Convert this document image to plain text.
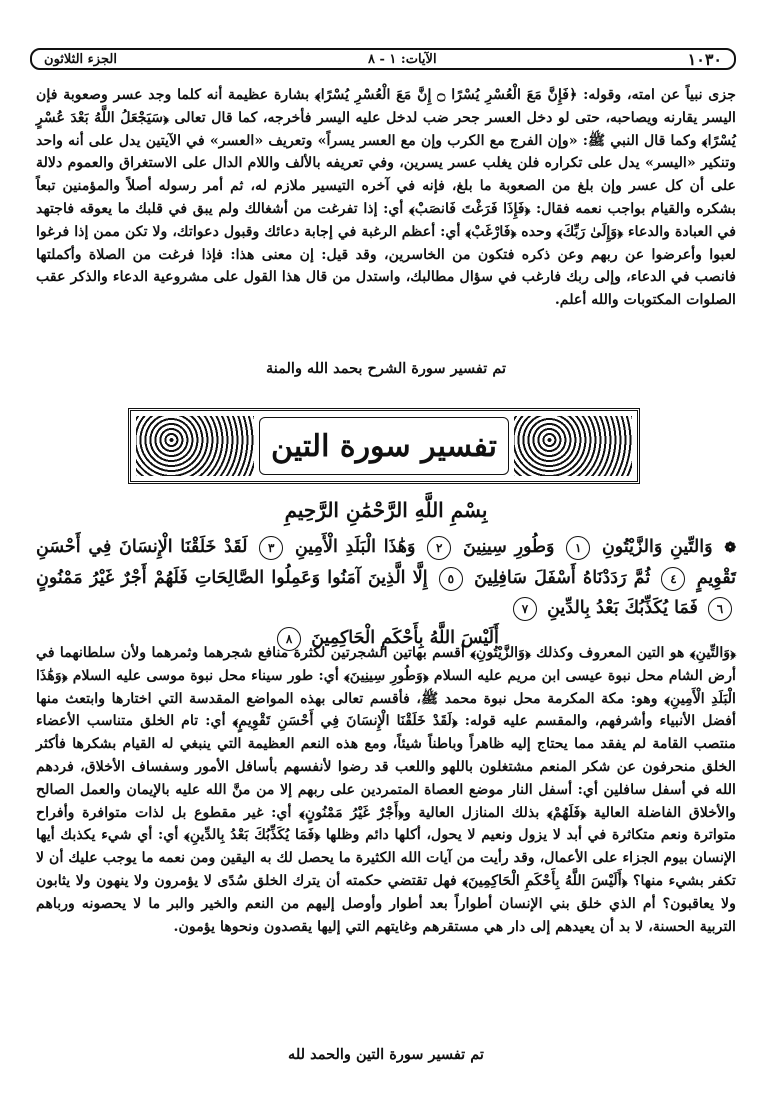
١٠٣٠
الآيات: ١ - ٨
الجزء الثلاثون

جزى نبياً عن امته، وقوله: ﴿فَإِنَّ مَعَ الْعُسْرِ يُسْرًا ۝ إِنَّ مَعَ الْعُسْرِ يُسْرًا﴾ بشارة عظيمة أنه كلما وجد عسر وصعوبة فإن اليسر يقارنه ويصاحبه، حتى لو دخل العسر جحر ضب لدخل عليه اليسر فأخرجه، كما قال تعالى ﴿سَيَجْعَلُ اللَّهُ بَعْدَ عُسْرٍ يُسْرًا﴾ وكما قال النبي ﷺ: «وإن الفرج مع الكرب وإن مع العسر يسراً» وتعريف «العسر» في الآيتين يدل على أنه واحد وتنكير «اليسر» يدل على تكراره فلن يغلب عسر يسرين، وفي تعريفه بالألف واللام الدال على الاستغراق والعموم دلالة على أن كل عسر وإن بلغ من الصعوبة ما بلغ، فإنه في آخره التيسير ملازم له، ثم أمر رسوله أصلاً والمؤمنين تبعاً بشكره والقيام بواجب نعمه فقال: ﴿فَإِذَا فَرَغْتَ فَانصَبْ﴾ أي: إذا تفرغت من أشغالك ولم يبق في قلبك ما يعوقه فاجتهد في العبادة والدعاء ﴿وَإِلَىٰ رَبِّكَ﴾ وحده ﴿فَارْغَبْ﴾ أي: أعظم الرغبة في إجابة دعائك وقبول دعواتك، ولا تكن ممن إذا فرغوا لعبوا وأعرضوا عن ربهم وعن ذكره فتكون من الخاسرين، وقد قيل: إن معنى هذا: فإذا فرغت من الصلاة وأكملتها فانصب في الدعاء، وإلى ربك فارغب في سؤال مطالبك، واستدل من قال هذا القول على مشروعية الدعاء والذكر عقب الصلوات المكتوبات والله أعلم.

تم تفسير سورة الشرح بحمد الله والمنة
تفسير سورة التين
بِسْمِ اللَّهِ الرَّحْمَٰنِ الرَّحِيمِ
❁ وَالتِّينِ وَالزَّيْتُونِ ١ وَطُورِ سِينِينَ ٢ وَهَٰذَا الْبَلَدِ الْأَمِينِ ٣ لَقَدْ خَلَقْنَا الْإِنسَانَ فِي أَحْسَنِ تَقْوِيمٍ ٤ ثُمَّ رَدَدْنَاهُ أَسْفَلَ سَافِلِينَ ٥ إِلَّا الَّذِينَ آمَنُوا وَعَمِلُوا الصَّالِحَاتِ فَلَهُمْ أَجْرٌ غَيْرُ مَمْنُونٍ ٦ فَمَا يُكَذِّبُكَ بَعْدُ بِالدِّينِ ٧
أَلَيْسَ اللَّهُ بِأَحْكَمِ الْحَاكِمِينَ ٨

﴿وَالتِّينِ﴾ هو التين المعروف وكذلك ﴿وَالزَّيْتُونِ﴾ أقسم بهاتين الشجرتين لكثرة منافع شجرهما وثمرهما ولأن سلطانهما في أرض الشام محل نبوة عيسى ابن مريم عليه السلام ﴿وَطُورِ سِينِينَ﴾ أي: طور سيناء محل نبوة موسى عليه السلام ﴿وَهَٰذَا الْبَلَدِ الْأَمِينِ﴾ وهو: مكة المكرمة محل نبوة محمد ﷺ، فأقسم تعالى بهذه المواضع المقدسة التي اختارها وابتعث منها أفضل الأنبياء وأشرفهم، والمقسم عليه قوله: ﴿لَقَدْ خَلَقْنَا الْإِنسَانَ فِي أَحْسَنِ تَقْوِيمٍ﴾ أي: تام الخلق متناسب الأعضاء منتصب القامة لم يفقد مما يحتاج إليه ظاهراً وباطناً شيئاً، ومع هذه النعم العظيمة التي ينبغي له القيام بشكرها فأكثر الخلق منحرفون عن شكر المنعم مشتغلون باللهو واللعب قد رضوا لأنفسهم بأسافل الأمور وسفساف الأخلاق، فردهم الله في أسفل سافلين أي: أسفل النار موضع العصاة المتمردين على ربهم إلا من منَّ الله عليه بالإيمان والعمل الصالح والأخلاق الفاضلة العالية ﴿فَلَهُمْ﴾ بذلك المنازل العالية و﴿أَجْرٌ غَيْرُ مَمْنُونٍ﴾ أي: غير مقطوع بل لذات متوافرة وأفراح متواترة ونعم متكاثرة في أبد لا يزول ونعيم لا يحول، أكلها دائم وظلها ﴿فَمَا يُكَذِّبُكَ بَعْدُ بِالدِّينِ﴾ أي: أي شيء يكذبك أيها الإنسان بيوم الجزاء على الأعمال، وقد رأيت من آيات الله الكثيرة ما يحصل لك به اليقين ومن نعمه ما يوجب عليك أن لا تكفر بشيء منها؟ ﴿أَلَيْسَ اللَّهُ بِأَحْكَمِ الْحَاكِمِينَ﴾ فهل تقتضي حكمته أن يترك الخلق سُدًى لا يؤمرون ولا ينهون ولا يثابون ولا يعاقبون؟ أم الذي خلق بني الإنسان أطواراً بعد أطوار وأوصل إليهم من النعم والخير والبر ما لا يحصونه ورباهم التربية الحسنة، لا بد أن يعيدهم إلى دار هي مستقرهم وغايتهم التي إليها يقصدون ونحوها يؤمون.

تم تفسير سورة التين والحمد لله
